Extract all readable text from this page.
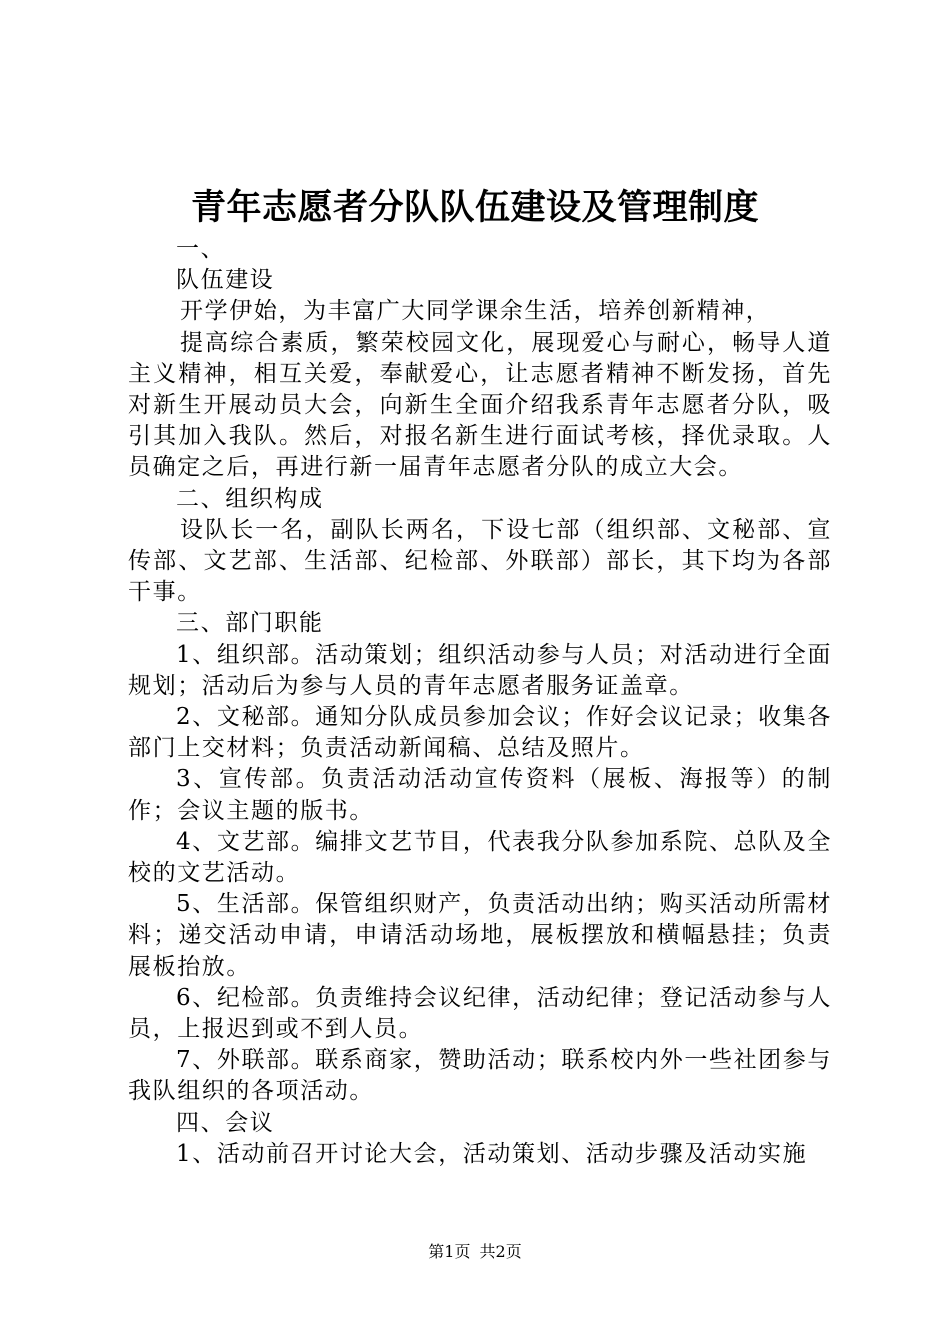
青年志愿者分队队伍建设及管理制度

一、

队伍建设

开学伊始，为丰富广大同学课余生活，培养创新精神，

提高综合素质，繁荣校园文化，展现爱心与耐心，畅导人道主义精神，相互关爱，奉献爱心，让志愿者精神不断发扬，首先对新生开展动员大会，向新生全面介绍我系青年志愿者分队，吸引其加入我队。然后，对报名新生进行面试考核，择优录取。人员确定之后，再进行新一届青年志愿者分队的成立大会。

二、组织构成

设队长一名，副队长两名，下设七部（组织部、文秘部、宣传部、文艺部、生活部、纪检部、外联部）部长，其下均为各部干事。

三、部门职能

1、组织部。活动策划；组织活动参与人员；对活动进行全面规划；活动后为参与人员的青年志愿者服务证盖章。

2、文秘部。通知分队成员参加会议；作好会议记录；收集各部门上交材料；负责活动新闻稿、总结及照片。

3、宣传部。负责活动活动宣传资料（展板、海报等）的制作；会议主题的版书。

4、文艺部。编排文艺节目，代表我分队参加系院、总队及全校的文艺活动。

5、生活部。保管组织财产，负责活动出纳；购买活动所需材料；递交活动申请，申请活动场地，展板摆放和横幅悬挂；负责展板抬放。

6、纪检部。负责维持会议纪律，活动纪律；登记活动参与人员，上报迟到或不到人员。

7、外联部。联系商家，赞助活动；联系校内外一些社团参与我队组织的各项活动。

四、会议

1、活动前召开讨论大会，活动策划、活动步骤及活动实施

第1页 共2页
